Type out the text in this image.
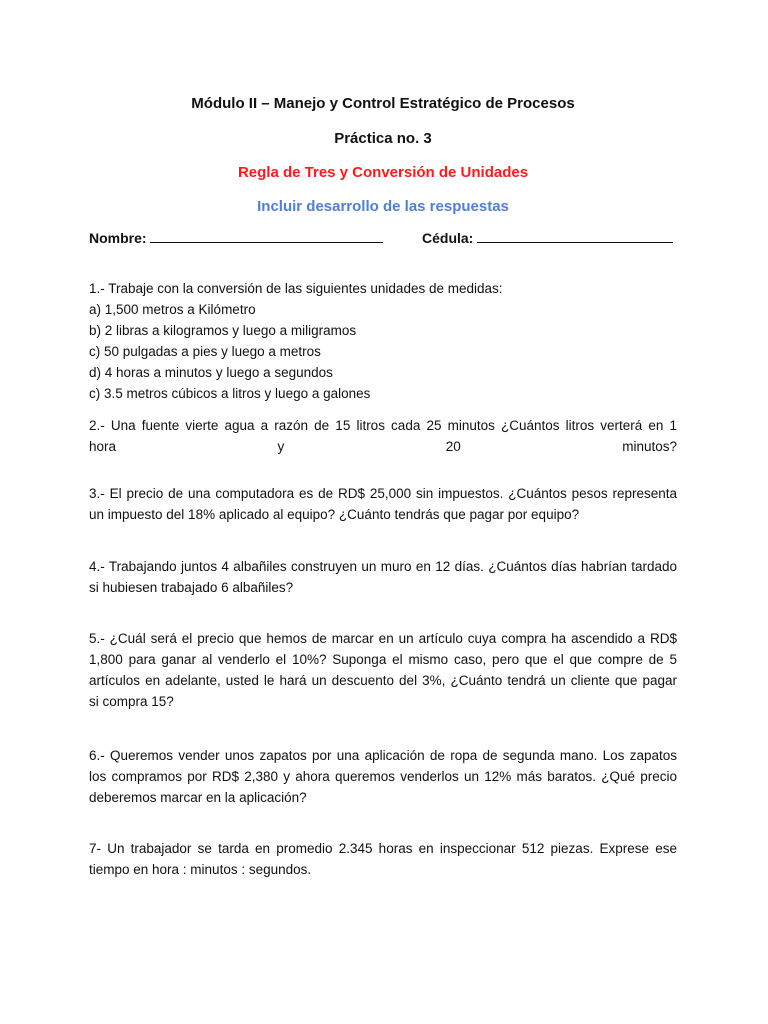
Módulo II – Manejo y Control Estratégico de Procesos
Práctica no. 3
Regla de Tres y Conversión de Unidades
Incluir desarrollo de las respuestas
Nombre:	Cédula:
1.- Trabaje con la conversión de las siguientes unidades de medidas:
a) 1,500 metros a Kilómetro
b) 2 libras a kilogramos y luego a miligramos
c) 50 pulgadas a pies y luego a metros
d) 4 horas a minutos y luego a segundos
c) 3.5 metros cúbicos a litros y luego a galones
2.- Una fuente vierte agua a razón de 15 litros cada 25 minutos ¿Cuántos litros verterá en 1
hora y 20 minutos?
3.- El precio de una computadora es de RD$ 25,000 sin impuestos. ¿Cuántos pesos representa
un impuesto del 18% aplicado al equipo? ¿Cuánto tendrás que pagar por equipo?
4.- Trabajando juntos 4 albañiles construyen un muro en 12 días. ¿Cuántos días habrían tardado
si hubiesen trabajado 6 albañiles?
5.- ¿Cuál será el precio que hemos de marcar en un artículo cuya compra ha ascendido a RD$
1,800 para ganar al venderlo el 10%? Suponga el mismo caso, pero que el que compre de 5
artículos en adelante, usted le hará un descuento del 3%, ¿Cuánto tendrá un cliente que pagar
si compra 15?
6.- Queremos vender unos zapatos por una aplicación de ropa de segunda mano. Los zapatos
los compramos por RD$ 2,380 y ahora queremos venderlos un 12% más baratos. ¿Qué precio
deberemos marcar en la aplicación?
7- Un trabajador se tarda en promedio 2.345 horas en inspeccionar 512 piezas. Exprese ese
tiempo en hora : minutos : segundos.
